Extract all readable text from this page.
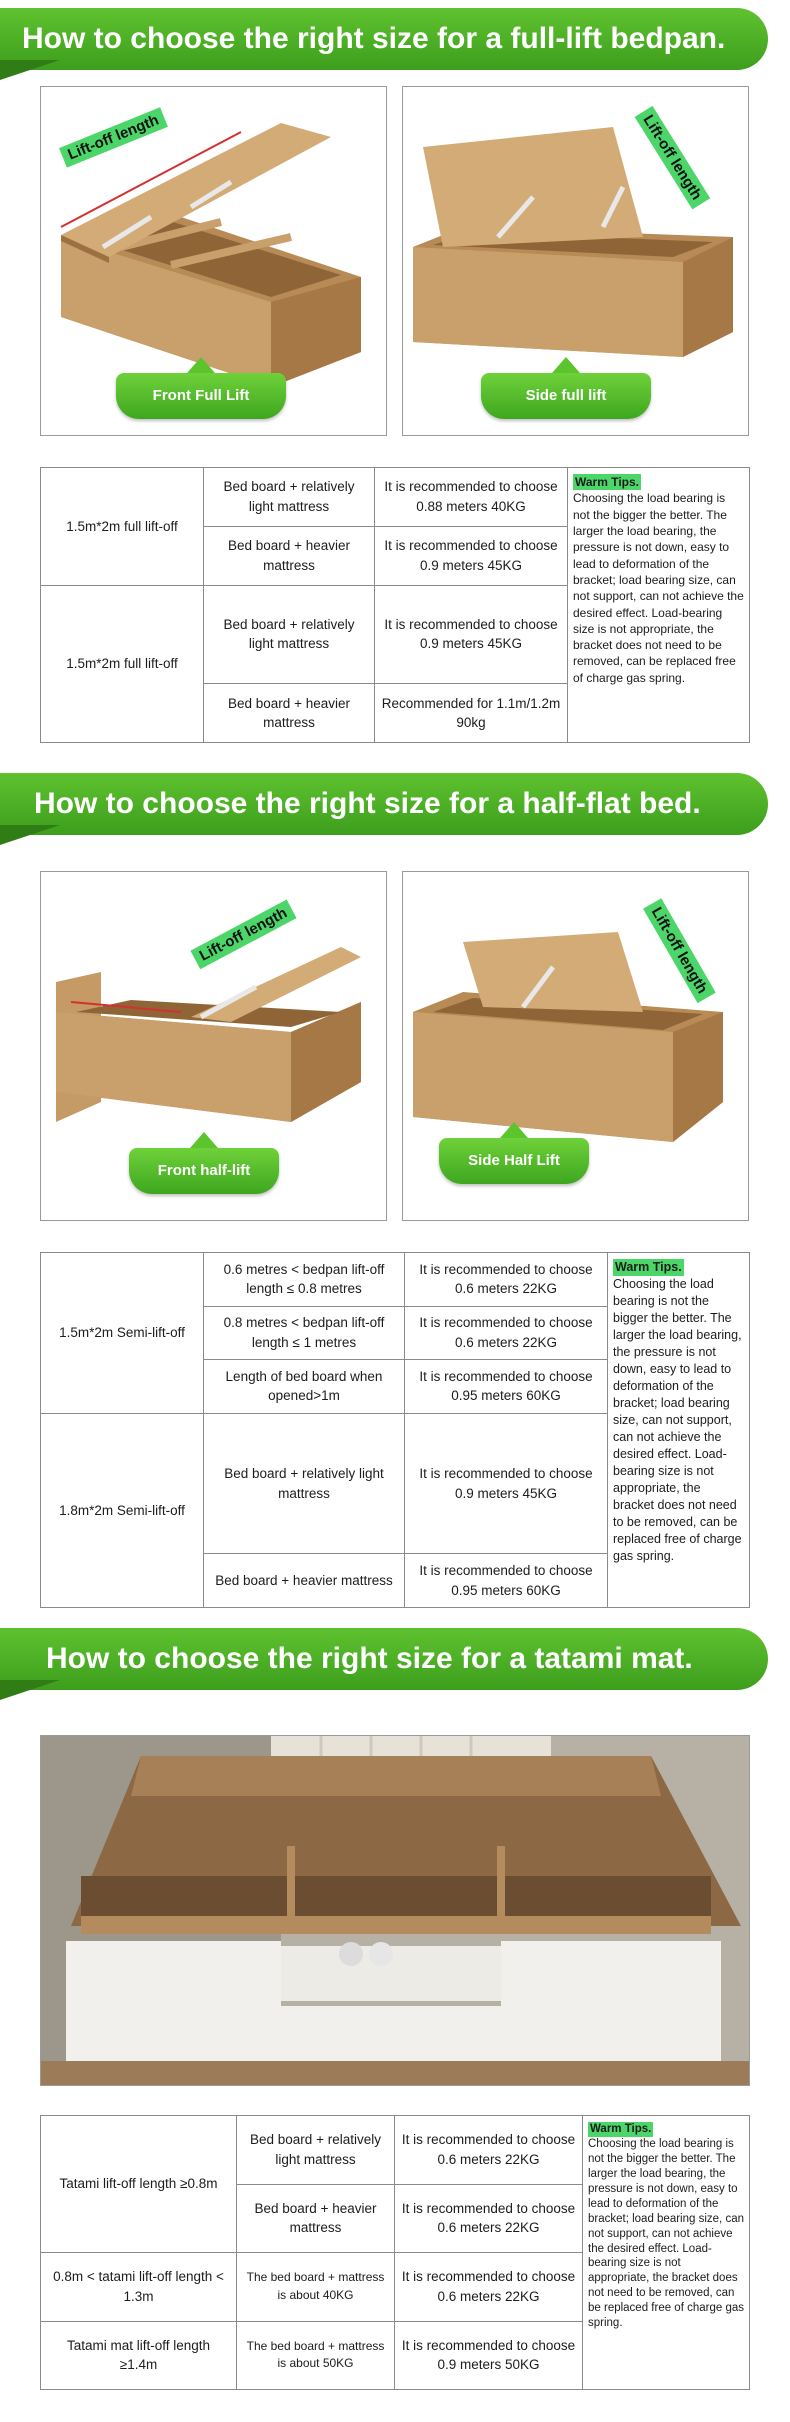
How to choose the right size for a full-lift bedpan.
Lift-off length
Front Full Lift
Lift-off length
Side full lift
1.5m*2m full lift-off	Bed board + relatively light mattress	It is recommended to choose 0.88 meters 40KG	Warm Tips.
Choosing the load bearing is not the bigger the better. The larger the load bearing, the pressure is not down, easy to lead to deformation of the bracket; load bearing size, can not support, can not achieve the desired effect. Load-bearing size is not appropriate, the bracket does not need to be removed, can be replaced free of charge gas spring.
	Bed board + heavier mattress	It is recommended to choose 0.9 meters 45KG	
1.5m*2m full lift-off	Bed board + relatively light mattress	It is recommended to choose 0.9 meters 45KG	
	Bed board + heavier mattress	Recommended for 1.1m/1.2m 90kg	
How to choose the right size for a half-flat bed.
Lift-off length
Front half-lift
Lift-off length
Side Half Lift
1.5m*2m Semi-lift-off	0.6 metres < bedpan lift-off length ≤ 0.8 metres	It is recommended to choose 0.6 meters 22KG	Warm Tips.
Choosing the load bearing is not the bigger the better. The larger the load bearing, the pressure is not down, easy to lead to deformation of the bracket; load bearing size, can not support, can not achieve the desired effect. Load-bearing size is not appropriate, the bracket does not need to be removed, can be replaced free of charge gas spring.
	0.8 metres < bedpan lift-off length ≤ 1 metres	It is recommended to choose 0.6 meters 22KG	
	Length of bed board when opened>1m	It is recommended to choose 0.95 meters 60KG	
1.8m*2m Semi-lift-off	Bed board + relatively light mattress	It is recommended to choose 0.9 meters 45KG	
	Bed board + heavier mattress	It is recommended to choose 0.95 meters 60KG	
How to choose the right size for a tatami mat.
Tatami lift-off length ≥0.8m	Bed board + relatively light mattress	It is recommended to choose 0.6 meters 22KG	Warm Tips.
Choosing the load bearing is not the bigger the better. The larger the load bearing, the pressure is not down, easy to lead to deformation of the bracket; load bearing size, can not support, can not achieve the desired effect. Load-bearing size is not appropriate, the bracket does not need to be removed, can be replaced free of charge gas spring.
	Bed board + heavier mattress	It is recommended to choose 0.6 meters 22KG	
0.8m < tatami lift-off length < 1.3m	The bed board + mattress is about 40KG	It is recommended to choose 0.6 meters 22KG	
Tatami mat lift-off length ≥1.4m	The bed board + mattress is about 50KG	It is recommended to choose 0.9 meters 50KG	
